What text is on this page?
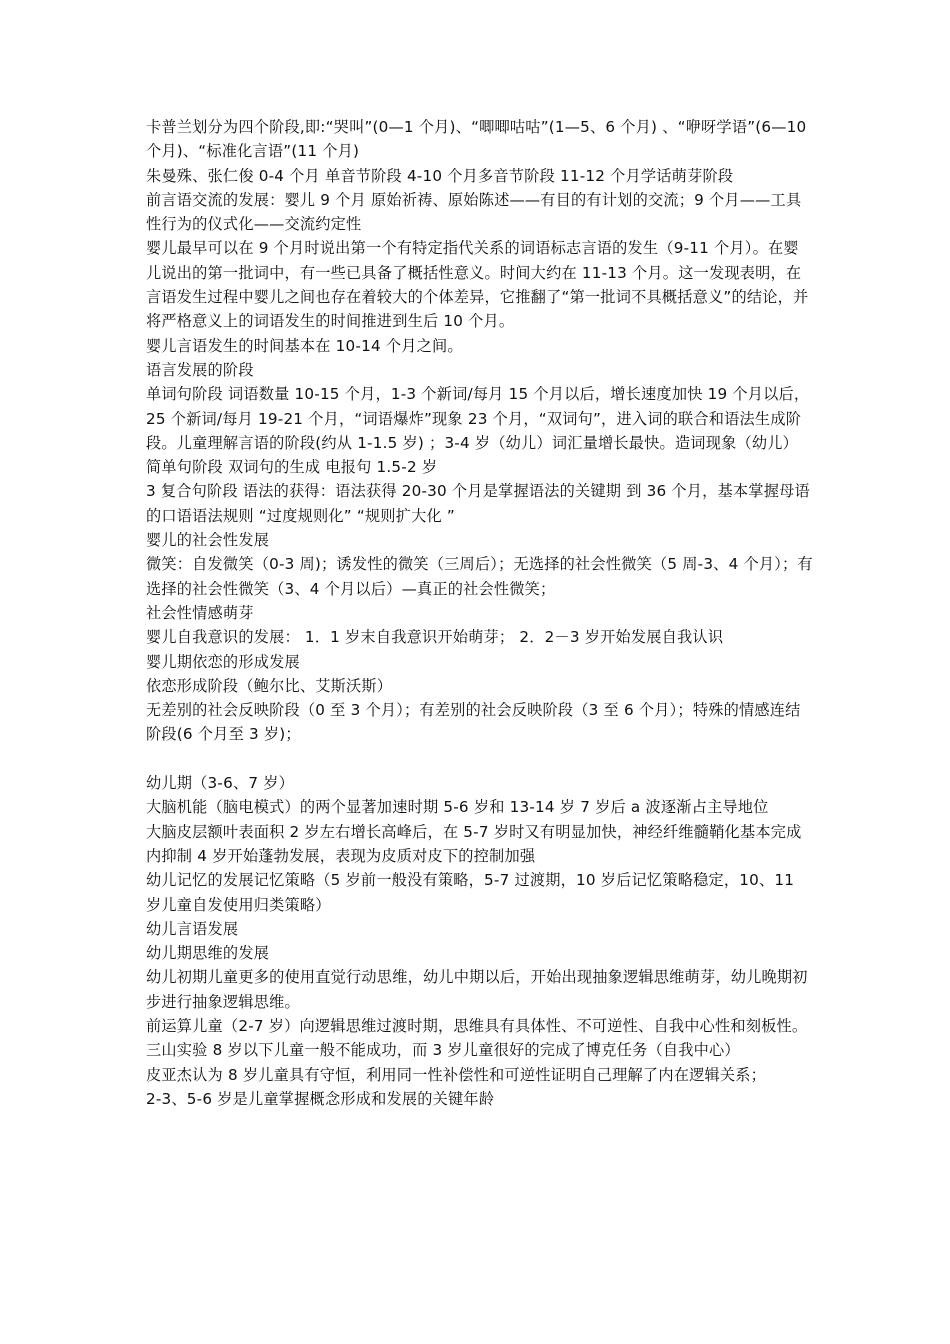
卡普兰划分为四个阶段,即:“哭叫”(0—1 个月)、“唧唧咕咕”(1—5、6 个月) 、“咿呀学语”(6—10 个月)、“标准化言语”(11 个月)

朱曼殊、张仁俊 0-4 个月 单音节阶段 4-10 个月多音节阶段 11-12 个月学话萌芽阶段

前言语交流的发展：婴儿 9 个月 原始祈祷、原始陈述——有目的有计划的交流；9 个月——工具性行为的仪式化——交流约定性

婴儿最早可以在 9 个月时说出第一个有特定指代关系的词语标志言语的发生（9-11 个月）。在婴儿说出的第一批词中，有一些已具备了概括性意义。时间大约在 11-13 个月。这一发现表明，在言语发生过程中婴儿之间也存在着较大的个体差异，它推翻了“第一批词不具概括意义”的结论，并将严格意义上的词语发生的时间推进到生后 10 个月。

婴儿言语发生的时间基本在 10-14 个月之间。

语言发展的阶段

单词句阶段 词语数量 10-15 个月，1-3 个新词/每月 15 个月以后，增长速度加快 19 个月以后，25 个新词/每月 19-21 个月，“词语爆炸”现象 23 个月，“双词句”，进入词的联合和语法生成阶段。儿童理解言语的阶段(约从 1-1.5 岁) ；3-4 岁（幼儿）词汇量增长最快。造词现象（幼儿）

简单句阶段 双词句的生成 电报句 1.5-2 岁

3 复合句阶段 语法的获得：语法获得 20-30 个月是掌握语法的关键期 到 36 个月，基本掌握母语的口语语法规则 “过度规则化” “规则扩大化 ”

婴儿的社会性发展

微笑：自发微笑（0-3 周)；诱发性的微笑（三周后）；无选择的社会性微笑（5 周-3、4 个月）；有选择的社会性微笑（3、4 个月以后）—真正的社会性微笑；

社会性情感萌芽

婴儿自我意识的发展： 1．1 岁末自我意识开始萌芽； 2．2－3 岁开始发展自我认识

婴儿期依恋的形成发展

依恋形成阶段（鲍尔比、艾斯沃斯）

无差别的社会反映阶段（0 至 3 个月）；有差别的社会反映阶段（3 至 6 个月）；特殊的情感连结阶段(6 个月至 3 岁)；

幼儿期（3-6、7 岁）

大脑机能（脑电模式）的两个显著加速时期 5-6 岁和 13-14 岁 7 岁后 a 波逐渐占主导地位

大脑皮层额叶表面积 2 岁左右增长高峰后，在 5-7 岁时又有明显加快，神经纤维髓鞘化基本完成

内抑制 4 岁开始蓬勃发展，表现为皮质对皮下的控制加强

幼儿记忆的发展记忆策略（5 岁前一般没有策略，5-7 过渡期，10 岁后记忆策略稳定，10、11 岁儿童自发使用归类策略）

幼儿言语发展

幼儿期思维的发展

幼儿初期儿童更多的使用直觉行动思维，幼儿中期以后，开始出现抽象逻辑思维萌芽，幼儿晚期初步进行抽象逻辑思维。

前运算儿童（2-7 岁）向逻辑思维过渡时期，思维具有具体性、不可逆性、自我中心性和刻板性。

三山实验 8 岁以下儿童一般不能成功，而 3 岁儿童很好的完成了博克任务（自我中心）

皮亚杰认为 8 岁儿童具有守恒，利用同一性补偿性和可逆性证明自己理解了内在逻辑关系；

2-3、5-6 岁是儿童掌握概念形成和发展的关键年龄
